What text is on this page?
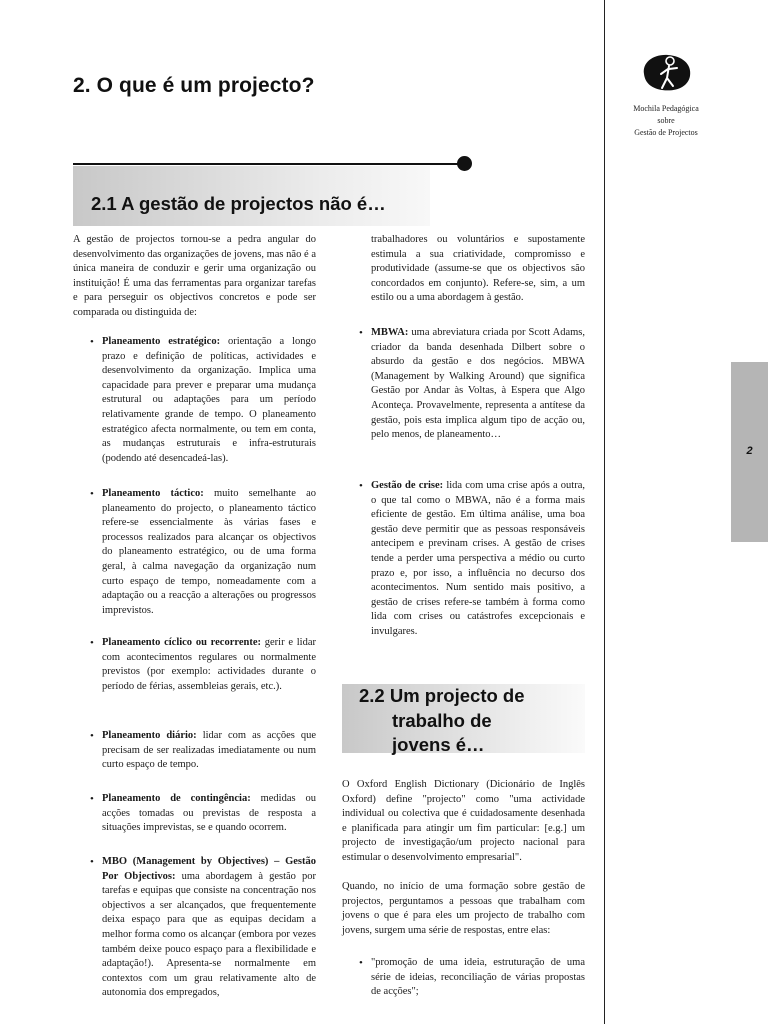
Mochila Pedagógica
sobre
Gestão de Projectos
2
2. O que é um projecto?
2.1 A gestão de projectos não é…
A gestão de projectos tornou-se a pedra angular do desenvolvimento das organizações de jovens, mas não é a única maneira de conduzir e gerir uma organização ou instituição! É uma das ferramentas para organizar tarefas e para perseguir os objectivos concretos e pode ser comparada ou distinguida de:
• Planeamento estratégico: orientação a longo prazo e definição de políticas, actividades e desenvolvimento da organização. Implica uma capacidade para prever e preparar uma mudança estrutural ou adaptações para um período relativamente grande de tempo. O planeamento estratégico afecta normalmente, ou tem em conta, as mudanças estruturais e infra-estruturais (podendo até desencadeá-las).
• Planeamento táctico: muito semelhante ao planeamento do projecto, o planeamento táctico refere-se essencialmente às várias fases e processos realizados para alcançar os objectivos do planeamento estratégico, ou de uma forma geral, à calma navegação da organização num curto espaço de tempo, nomeadamente com a adaptação ou a reacção a alterações ou progressos imprevistos.
• Planeamento cíclico ou recorrente: gerir e lidar com acontecimentos regulares ou normalmente previstos (por exemplo: actividades durante o período de férias, assembleias gerais, etc.).
• Planeamento diário: lidar com as acções que precisam de ser realizadas imediatamente ou num curto espaço de tempo.
• Planeamento de contingência: medidas ou acções tomadas ou previstas de resposta a situações imprevistas, se e quando ocorrem.
• MBO (Management by Objectives) – Gestão Por Objectivos: uma abordagem à gestão por tarefas e equipas que consiste na concentração nos objectivos a ser alcançados, que frequentemente deixa espaço para que as equipas decidam a melhor forma como os alcançar (embora por vezes também deixe pouco espaço para a flexibilidade e adaptação!). Apresenta-se normalmente em contextos com um grau relativamente alto de autonomia dos empregados,
trabalhadores ou voluntários e supostamente estimula a sua criatividade, compromisso e produtividade (assume-se que os objectivos são concordados em conjunto). Refere-se, sim, a um estilo ou a uma abordagem à gestão.
• MBWA: uma abreviatura criada por Scott Adams, criador da banda desenhada Dilbert sobre o absurdo da gestão e dos negócios. MBWA (Management by Walking Around) que significa Gestão por Andar às Voltas, à Espera que Algo Aconteça. Provavelmente, representa a antítese da gestão, pois esta implica algum tipo de acção ou, pelo menos, de planeamento…
• Gestão de crise: lida com uma crise após a outra, o que tal como o MBWA, não é a forma mais eficiente de gestão. Em última análise, uma boa gestão deve permitir que as pessoas responsáveis antecipem e previnam crises. A gestão de crises tende a perder uma perspectiva a médio ou curto prazo e, por isso, a influência no decurso dos acontecimentos. Num sentido mais positivo, a gestão de crises refere-se também à forma como lida com crises ou catástrofes excepcionais e invulgares.
2.2 Um projecto de
trabalho de
jovens é…
O Oxford English Dictionary (Dicionário de Inglês Oxford) define "projecto" como "uma actividade individual ou colectiva que é cuidadosamente desenhada e planificada para atingir um fim particular: [e.g.] um projecto de investigação/um projecto nacional para estimular o desenvolvimento empresarial".
Quando, no início de uma formação sobre gestão de projectos, perguntamos a pessoas que trabalham com jovens o que é para eles um projecto de trabalho com jovens, surgem uma série de respostas, entre elas:
• "promoção de uma ideia, estruturação de uma série de ideias, reconciliação de várias propostas de acções";
